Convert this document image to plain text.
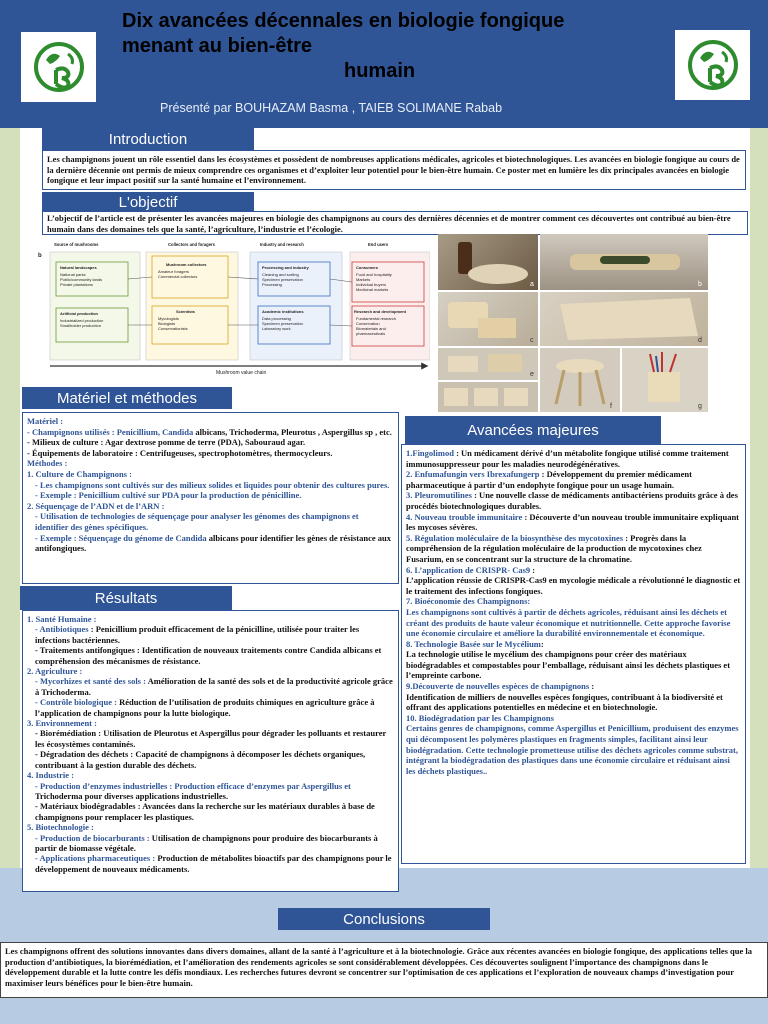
Dix avancées décennales en biologie fongique
menant au bien-être

humain
Présenté par BOUHAZAM Basma , TAIEB SOLIMANE Rabab
Introduction
Les champignons jouent un rôle essentiel dans les écosystèmes et possèdent de nombreuses applications médicales, agricoles et biotechnologiques. Les avancées en biologie fongique au cours de la dernière décennie ont permis de mieux comprendre ces organismes et d’exploiter leur potentiel pour le bien-être humain. Ce poster met en lumière les dix principales avancées en biologie fongique et leur impact positif sur la santé humaine et l’environnement.
L'objectif
L’objectif de l’article est de présenter les avancées majeures en biologie des champignons au cours des dernières décennies et de montrer comment ces découvertes ont contribué au bien-être humain dans des domaines tels que la santé, l’agriculture, l’industrie et l’écologie.
b
Source of mushrooms	Collectors and foragers	Industry and research	End users
Natural landscapes
National parks
Public/community lands
Private plantations
Artificial production
Industrialized production
Smallholder production
Mushroom collectors
Amateur foragers
Commercial collectors
Scientists
Mycologists
Biologists
Conservationists
Processing and industry
Cleaning and sorting
Specimen preservation
Processing
Academic institutions
Data processing
Specimen preservation
Laboratory work
Consumers
Food and hospitality
Markets
Individual buyers
Medicinal markets
Research and development
Fundamental research
Conservation
Biomaterials and
pharmaceuticals
Mushroom value chain
a	b
c	d
e
f	g
Matériel et méthodes
Matériel :
- Champignons utilisés : Penicillium, Candida albicans, Trichoderma, Pleurotus , Aspergillus sp , etc.
- Milieux de culture : Agar dextrose pomme de terre (PDA), Sabouraud agar.
- Équipements de laboratoire : Centrifugeuses, spectrophotomètres, thermocycleurs.
Méthodes :
1. Culture de Champignons :

- Les champignons sont cultivés sur des milieux solides et liquides pour obtenir des cultures pures.
- Exemple : Penicillium cultivé sur PDA pour la production de pénicilline.
2. Séquençage de l’ADN et de l’ARN :

- Utilisation de technologies de séquençage pour analyser les génomes des champignons et identifier des gènes spécifiques.
- Exemple : Séquençage du génome de Candida albicans pour identifier les gènes de résistance aux antifongiques.
Avancées majeures
1.Fingolimod : Un médicament dérivé d’un métabolite fongique utilisé comme traitement immunosuppresseur pour les maladies neurodégénératives.
2. Enfumafungin vers Ibrexafungerp : Développement du premier médicament pharmaceutique à partir d’un endophyte fongique pour un usage humain.
3. Pleuromutilines : Une nouvelle classe de médicaments antibactériens produits grâce à des procédés biotechnologiques durables.
4. Nouveau trouble immunitaire : Découverte d’un nouveau trouble immunitaire expliquant les mycoses sévères.
5. Régulation moléculaire de la biosynthèse des mycotoxines : Progrès dans la compréhension de la régulation moléculaire de la production de mycotoxines chez Fusarium, en se concentrant sur la structure de la chromatine.
6. L’application de CRISPR- Cas9 :
L’application réussie de CRISPR-Cas9 en mycologie médicale a révolutionné le diagnostic et le traitement des infections fongiques.
7. Bioéconomie des Champignons:
Les champignons sont cultivés à partir de déchets agricoles, réduisant ainsi les déchets et créant des produits de haute valeur économique et nutritionnelle. Cette approche favorise une économie circulaire et améliore la durabilité environnementale et économique.
8. Technologie Basée sur le Mycélium:
La technologie utilise le mycélium des champignons pour créer des matériaux biodégradables et compostables pour l’emballage, réduisant ainsi les déchets plastiques et l’empreinte carbone.
9.Découverte de nouvelles espèces de champignons :
Identification de milliers de nouvelles espèces fongiques, contribuant à la biodiversité et offrant des applications potentielles en médecine et en biotechnologie.
10. Biodégradation par les Champignons
Certains genres de champignons, comme Aspergillus et Penicillium, produisent des enzymes qui décomposent les polymères plastiques en fragments simples, facilitant ainsi leur biodégradation. Cette technologie prometteuse utilise des déchets agricoles comme substrat, intégrant la biodégradation des plastiques dans une économie circulaire et réduisant ainsi les déchets plastiques..
Résultats
1. Santé Humaine :

- Antibiotiques : Penicillium produit efficacement de la pénicilline, utilisée pour traiter les infections bactériennes.
- Traitements antifongiques : Identification de nouveaux traitements contre Candida albicans et compréhension des mécanismes de résistance.
2. Agriculture :

- Mycorhizes et santé des sols : Amélioration de la santé des sols et de la productivité agricole grâce à Trichoderma.
- Contrôle biologique : Réduction de l’utilisation de produits chimiques en agriculture grâce à l’application de champignons pour la lutte biologique.
3. Environnement :

- Biorémédiation : Utilisation de Pleurotus et Aspergillus pour dégrader les polluants et restaurer les écosystèmes contaminés.
- Dégradation des déchets : Capacité de champignons à décomposer les déchets organiques, contribuant à la gestion durable des déchets.
4. Industrie :

- Production d’enzymes industrielles : Production efficace d’enzymes par Aspergillus et Trichoderma pour diverses applications industrielles.
- Matériaux biodégradables : Avancées dans la recherche sur les matériaux durables à base de champignons pour remplacer les plastiques.
5. Biotechnologie :

- Production de biocarburants : Utilisation de champignons pour produire des biocarburants à partir de biomasse végétale.
- Applications pharmaceutiques : Production de métabolites bioactifs par des champignons pour le développement de nouveaux médicaments.
Conclusions
Les champignons offrent des solutions innovantes dans divers domaines, allant de la santé à l’agriculture et à la biotechnologie. Grâce aux récentes avancées en biologie fongique, des applications telles que la production d’antibiotiques, la biorémédiation, et l’amélioration des rendements agricoles se sont considérablement développées. Ces découvertes soulignent l’importance des champignons dans le développement durable et la lutte contre les défis mondiaux. Les recherches futures devront se concentrer sur l’optimisation de ces applications et l’exploration de nouveaux champs d’investigation pour maximiser leurs bénéfices pour le bien-être humain.
